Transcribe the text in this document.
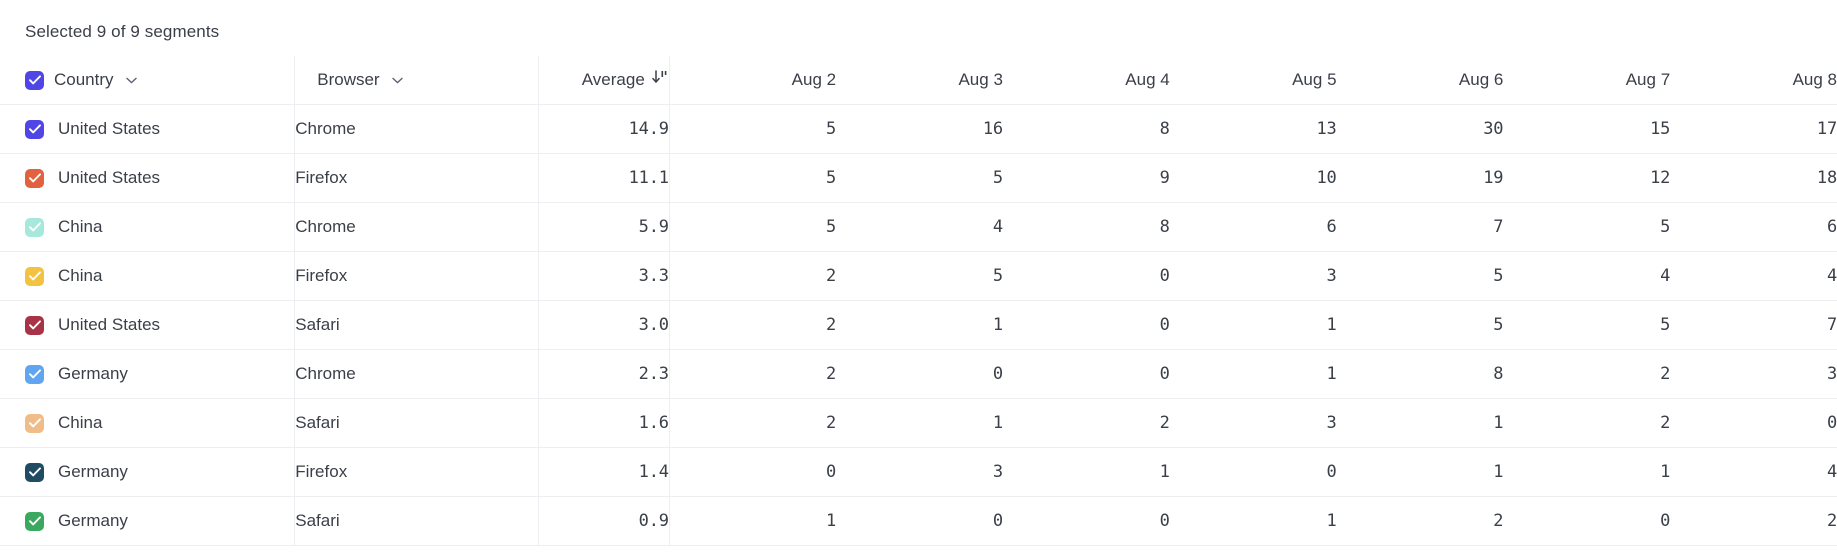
Selected 9 of 9 segments
Country	Browser	Average	Aug 2	Aug 3	Aug 4	Aug 5	Aug 6	Aug 7	Aug 8

United States	Chrome	14.9	5	16	8	13	30	15	17

United States	Firefox	11.1	5	5	9	10	19	12	18

China	Chrome	5.9	5	4	8	6	7	5	6

China	Firefox	3.3	2	5	0	3	5	4	4

United States	Safari	3.0	2	1	0	1	5	5	7

Germany	Chrome	2.3	2	0	0	1	8	2	3

China	Safari	1.6	2	1	2	3	1	2	0

Germany	Firefox	1.4	0	3	1	0	1	1	4

Germany	Safari	0.9	1	0	0	1	2	0	2
